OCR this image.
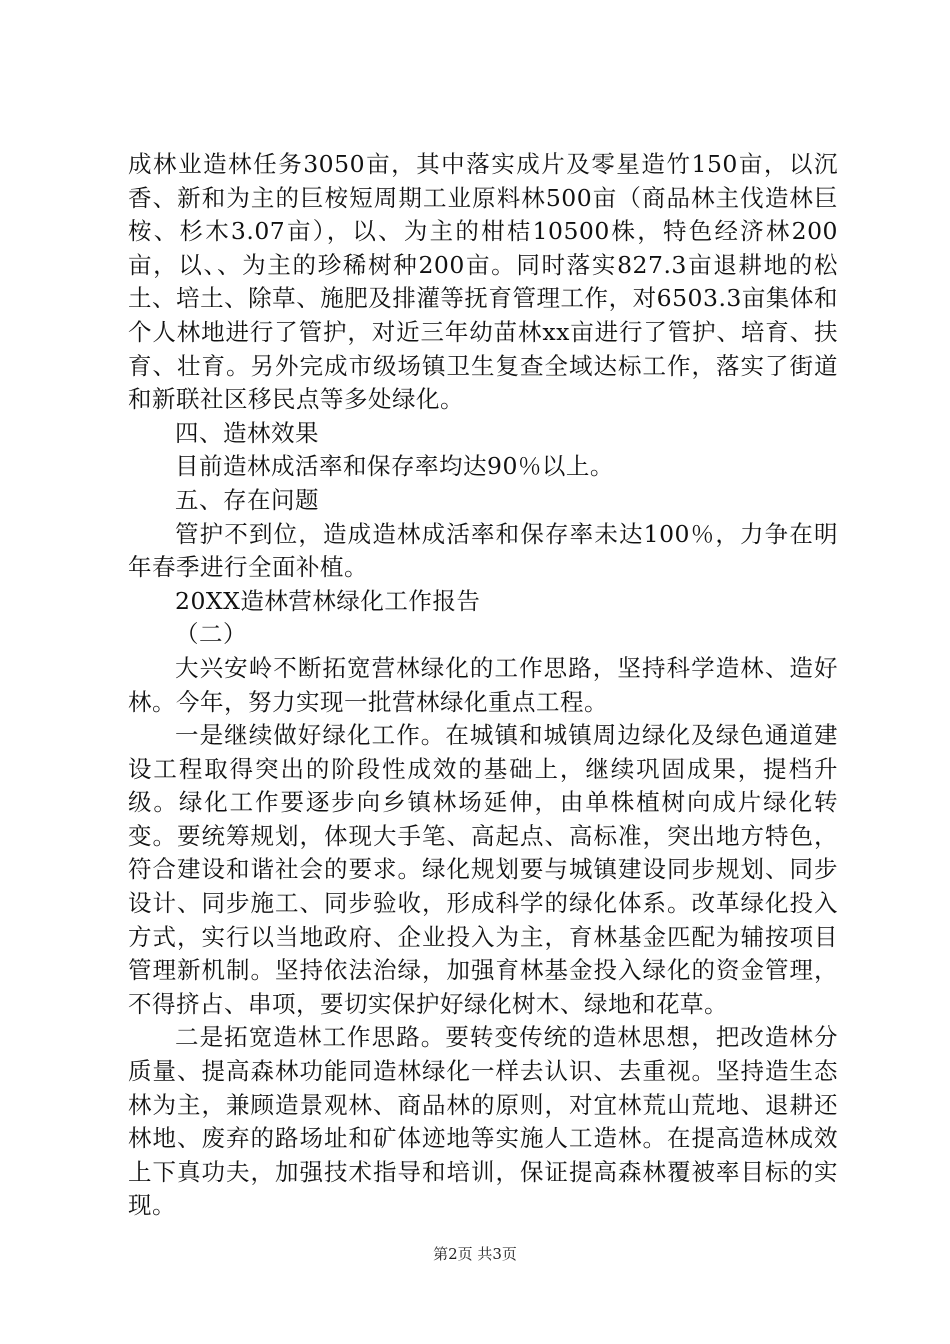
成林业造林任务3050亩，其中落实成片及零星造竹150亩，以沉香、新和为主的巨桉短周期工业原料林500亩（商品林主伐造林巨桉、杉木3.07亩），以、为主的柑桔10500株，特色经济林200亩，以、、为主的珍稀树种200亩。同时落实827.3亩退耕地的松土、培土、除草、施肥及排灌等抚育管理工作，对6503.3亩集体和个人林地进行了管护，对近三年幼苗林xx亩进行了管护、培育、扶育、壮育。另外完成市级场镇卫生复查全域达标工作，落实了街道和新联社区移民点等多处绿化。

四、造林效果

目前造林成活率和保存率均达90％以上。

五、存在问题

管护不到位，造成造林成活率和保存率未达100％，力争在明年春季进行全面补植。

20XX造林营林绿化工作报告

（二）

大兴安岭不断拓宽营林绿化的工作思路，坚持科学造林、造好林。今年，努力实现一批营林绿化重点工程。

一是继续做好绿化工作。在城镇和城镇周边绿化及绿色通道建设工程取得突出的阶段性成效的基础上，继续巩固成果，提档升级。绿化工作要逐步向乡镇林场延伸，由单株植树向成片绿化转变。要统筹规划，体现大手笔、高起点、高标准，突出地方特色，符合建设和谐社会的要求。绿化规划要与城镇建设同步规划、同步设计、同步施工、同步验收，形成科学的绿化体系。改革绿化投入方式，实行以当地政府、企业投入为主，育林基金匹配为辅按项目管理新机制。坚持依法治绿，加强育林基金投入绿化的资金管理，不得挤占、串项，要切实保护好绿化树木、绿地和花草。

二是拓宽造林工作思路。要转变传统的造林思想，把改造林分质量、提高森林功能同造林绿化一样去认识、去重视。坚持造生态林为主，兼顾造景观林、商品林的原则，对宜林荒山荒地、退耕还林地、废弃的路场址和矿体迹地等实施人工造林。在提高造林成效上下真功夫，加强技术指导和培训，保证提高森林覆被率目标的实现。

第2页 共3页
